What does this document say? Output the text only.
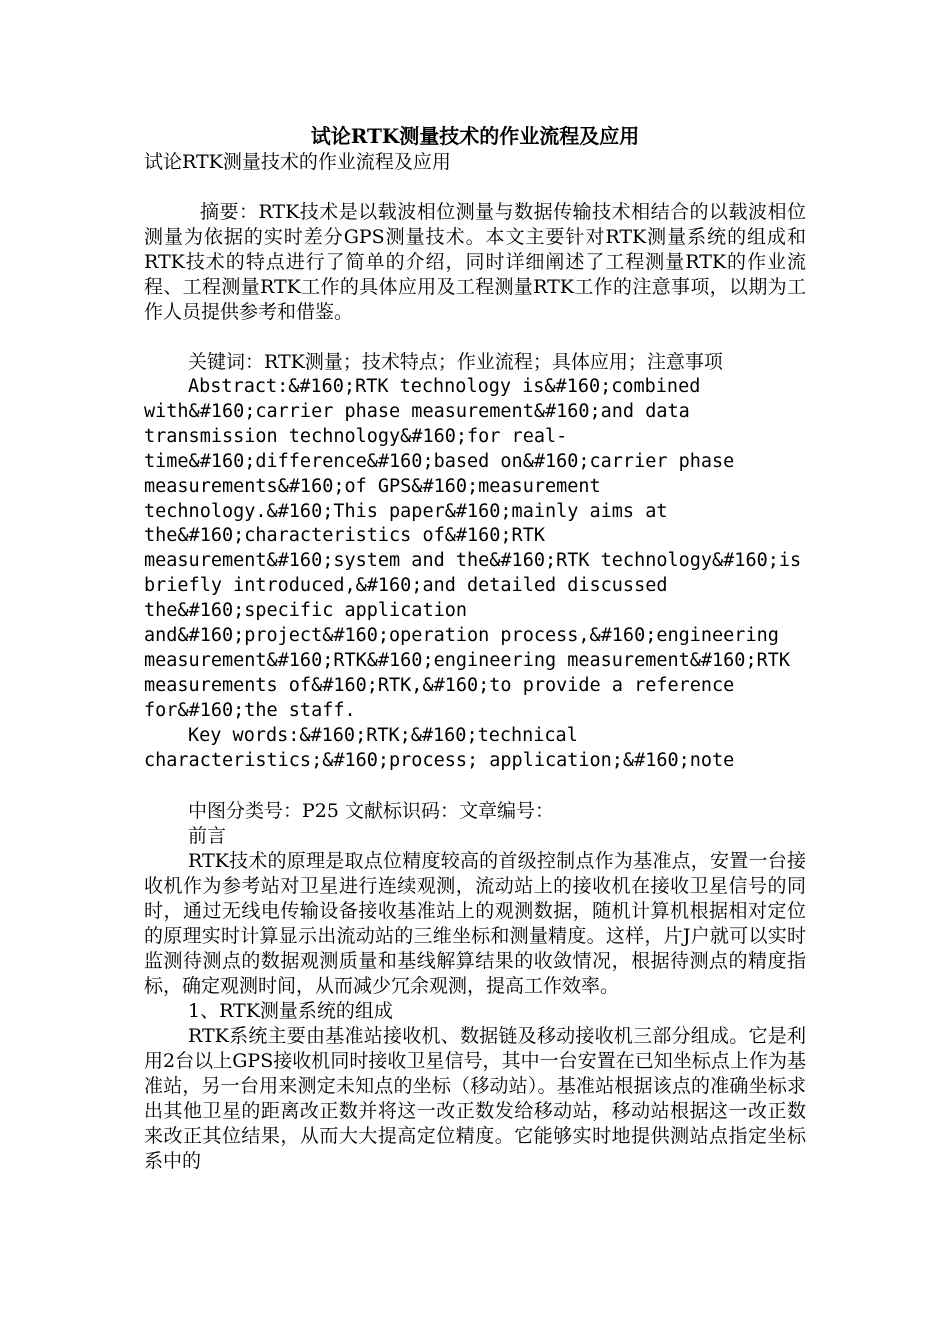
试论RTK测量技术的作业流程及应用

试论RTK测量技术的作业流程及应用

摘要：RTK技术是以载波相位测量与数据传输技术相结合的以载波相位测量为依据的实时差分GPS测量技术。本文主要针对RTK测量系统的组成和RTK技术的特点进行了简单的介绍，同时详细阐述了工程测量RTK的作业流程、工程测量RTK工作的具体应用及工程测量RTK工作的注意事项，以期为工作人员提供参考和借鉴。

关键词：RTK测量；技术特点；作业流程；具体应用；注意事项

Abstract:&#160;RTK technology is&#160;combined
with&#160;carrier phase measurement&#160;and data
transmission technology&#160;for real-
time&#160;difference&#160;based on&#160;carrier phase
measurements&#160;of GPS&#160;measurement
technology.&#160;This paper&#160;mainly aims at
the&#160;characteristics of&#160;RTK
measurement&#160;system and the&#160;RTK technology&#160;is
briefly introduced,&#160;and detailed discussed
the&#160;specific application
and&#160;project&#160;operation process,&#160;engineering
measurement&#160;RTK&#160;engineering measurement&#160;RTK
measurements of&#160;RTK,&#160;to provide a reference
for&#160;the staff.
Key words:&#160;RTK;&#160;technical
characteristics;&#160;process; application;&#160;note

中图分类号：P25 文献标识码：文章编号：

前言

RTK技术的原理是取点位精度较高的首级控制点作为基准点，安置一台接收机作为参考站对卫星进行连续观测，流动站上的接收机在接收卫星信号的同时，通过无线电传输设备接收基准站上的观测数据，随机计算机根据相对定位的原理实时计算显示出流动站的三维坐标和测量精度。这样，片J户就可以实时监测待测点的数据观测质量和基线解算结果的收敛情况，根据待测点的精度指标，确定观测时间，从而减少冗余观测，提高工作效率。

1、RTK测量系统的组成

RTK系统主要由基准站接收机、数据链及移动接收机三部分组成。它是利用2台以上GPS接收机同时接收卫星信号，其中一台安置在已知坐标点上作为基准站，另一台用来测定未知点的坐标（移动站）。基准站根据该点的准确坐标求出其他卫星的距离改正数并将这一改正数发给移动站，移动站根据这一改正数来改正其位结果，从而大大提高定位精度。它能够实时地提供测站点指定坐标系中的
